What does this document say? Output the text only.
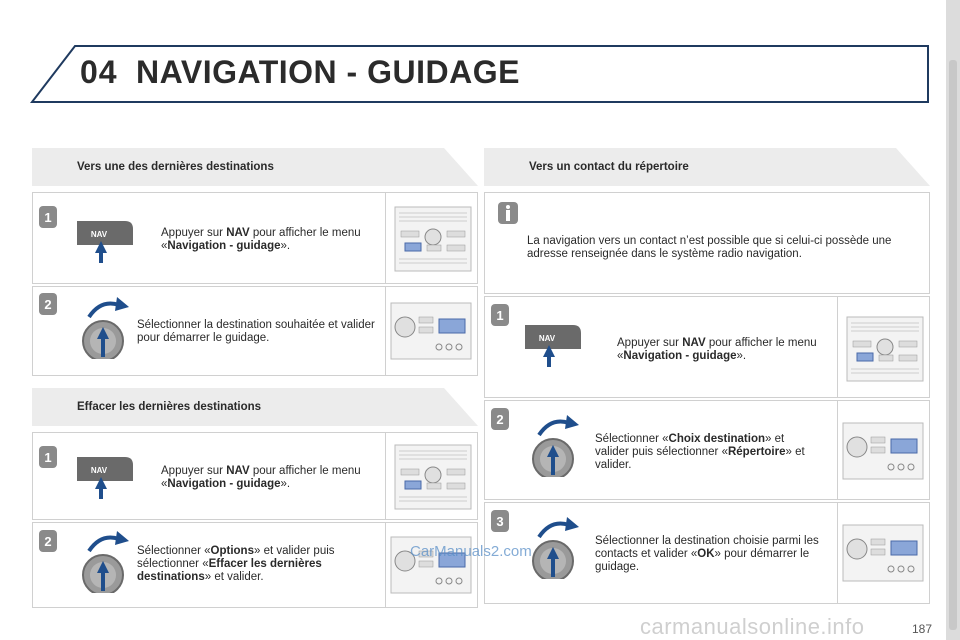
04 NAVIGATION - GUIDAGE
Vers une des dernières destinations
1
NAV	Appuyer sur NAV pour afficher le menu «Navigation - guidage».
2
Sélectionner la destination souhaitée et valider pour démarrer le guidage.
Effacer les dernières destinations
1
NAV	Appuyer sur NAV pour afficher le menu «Navigation - guidage».
2
Sélectionner «Options» et valider puis sélectionner «Effacer les dernières destinations» et valider.
Vers un contact du répertoire
La navigation vers un contact n’est possible que si celui-ci possède une adresse renseignée dans le système radio navigation.
1
NAV	Appuyer sur NAV pour afficher le menu «Navigation - guidage».
2
Sélectionner «Choix destination» et valider puis sélectionner «Répertoire» et valider.
3
Sélectionner la destination choisie parmi les contacts et valider «OK» pour démarrer le guidage.
CarManuals2.com
carmanualsonline.info	187
